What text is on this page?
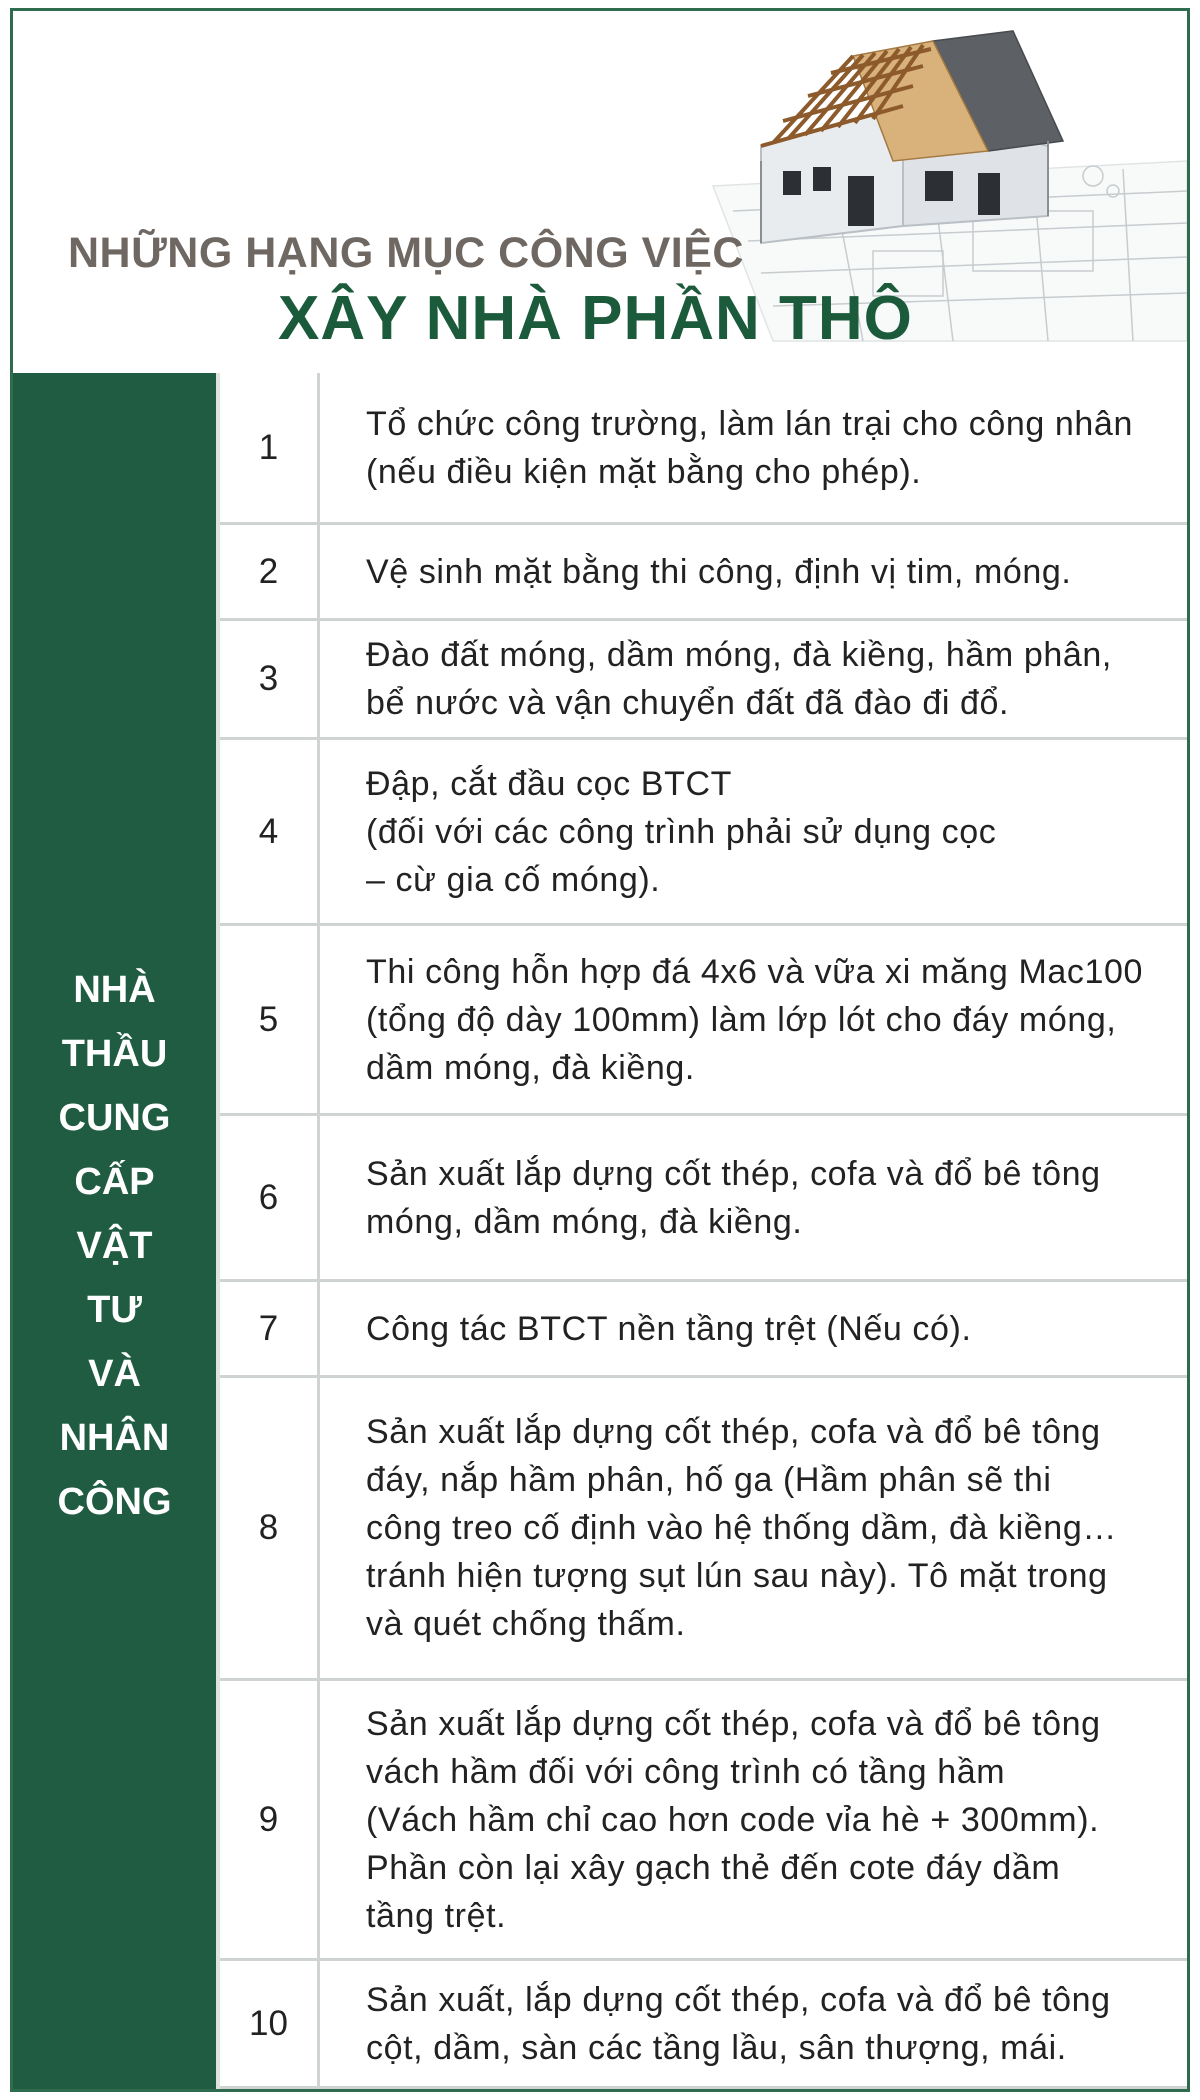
NHỮNG HẠNG MỤC CÔNG VIỆC
XÂY NHÀ PHẦN THÔ
NHÀ
THẦU
CUNG
CẤP
VẬT
TƯ
VÀ
NHÂN
CÔNG
1
Tổ chức công trường, làm lán trại cho công nhân
(nếu điều kiện mặt bằng cho phép).
2	Vệ sinh mặt bằng thi công, định vị tim, móng.
3
Đào đất móng, dầm móng, đà kiềng, hầm phân,
bể nước và vận chuyển đất đã đào đi đổ.
4
Đập, cắt đầu cọc BTCT
(đối với các công trình phải sử dụng cọc
– cừ gia cố móng).
5
Thi công hỗn hợp đá 4x6 và vữa xi măng Mac100
(tổng độ dày 100mm) làm lớp lót cho đáy móng,
dầm móng, đà kiềng.
6
Sản xuất lắp dựng cốt thép, cofa và đổ bê tông
móng, dầm móng, đà kiềng.
7	Công tác BTCT nền tầng trệt (Nếu có).
8
Sản xuất lắp dựng cốt thép, cofa và đổ bê tông
đáy, nắp hầm phân, hố ga (Hầm phân sẽ thi
công treo cố định vào hệ thống dầm, đà kiềng…
tránh hiện tượng sụt lún sau này). Tô mặt trong
và quét chống thấm.
9
Sản xuất lắp dựng cốt thép, cofa và đổ bê tông
vách hầm đối với công trình có tầng hầm
(Vách hầm chỉ cao hơn code vỉa hè + 300mm).
Phần còn lại xây gạch thẻ đến cote đáy dầm
tầng trệt.
10
Sản xuất, lắp dựng cốt thép, cofa và đổ bê tông
cột, dầm, sàn các tầng lầu, sân thượng, mái.
